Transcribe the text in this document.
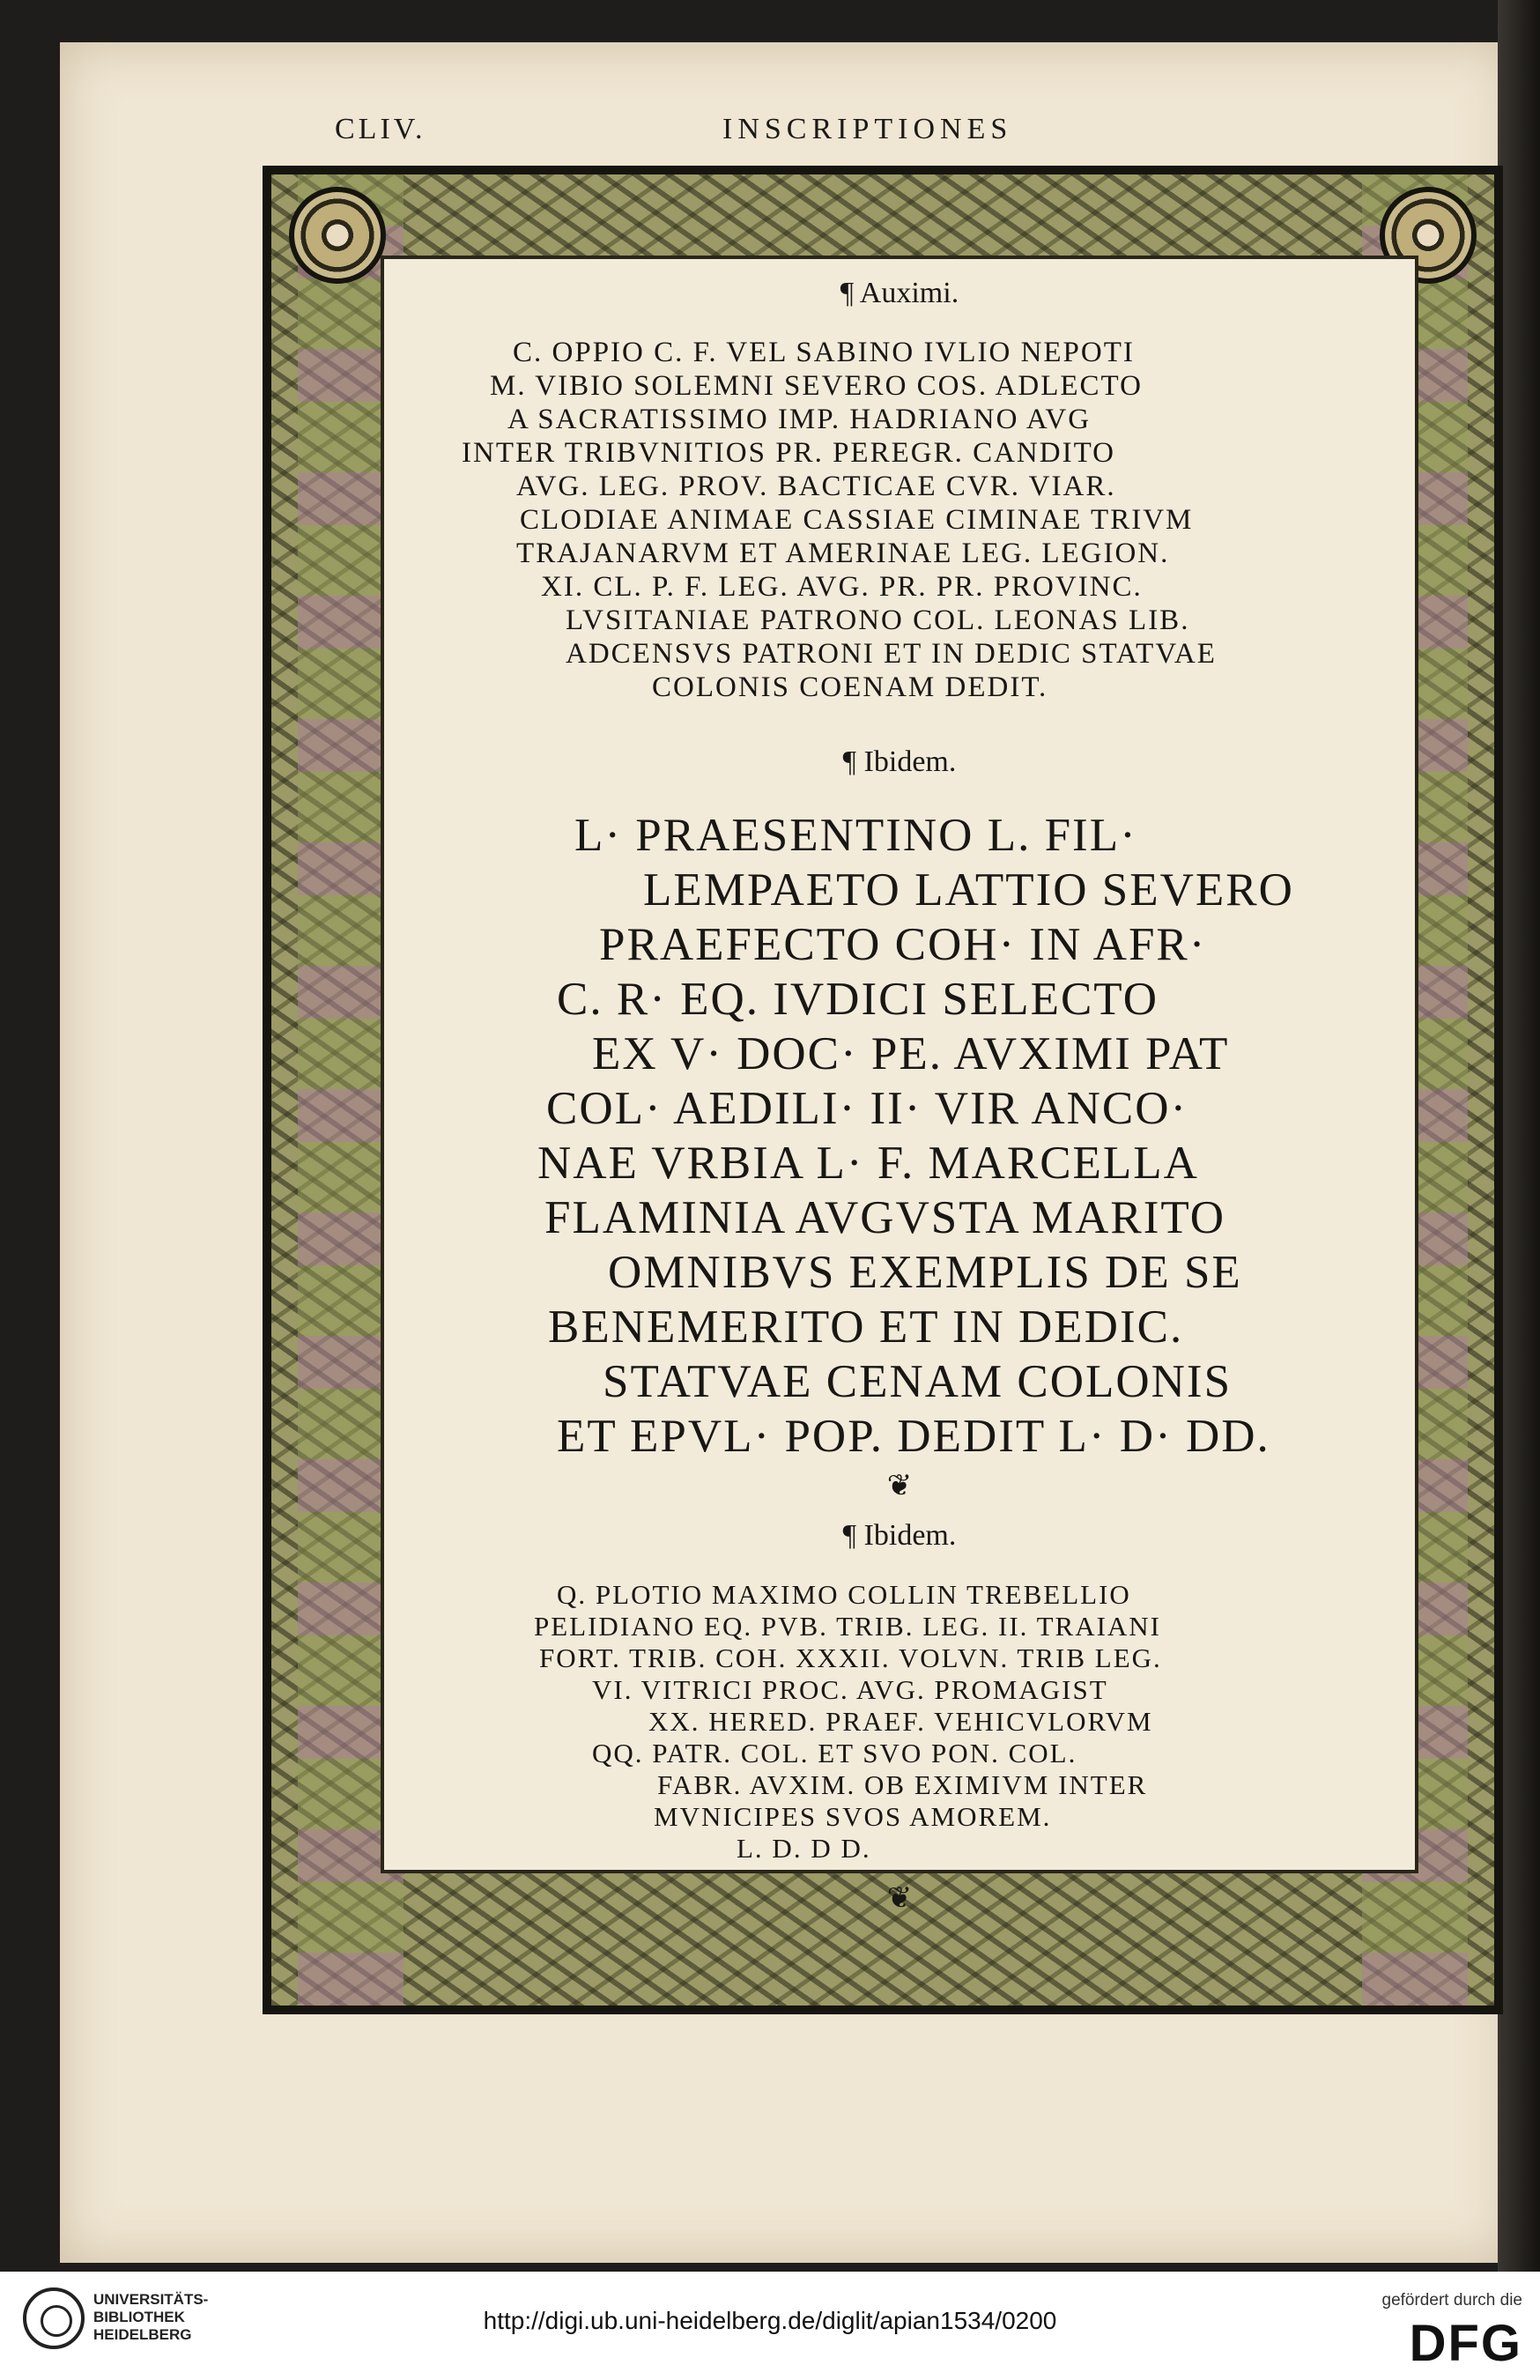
CLIV.	INSCRIPTIONES
¶ Auximi.
C. OPPIO C. F. VEL SABINO IVLIO NEPOTI
M. VIBIO SOLEMNI SEVERO COS. ADLECTO
A SACRATISSIMO IMP. HADRIANO AVG
INTER TRIBVNITIOS PR. PEREGR. CANDITO
AVG. LEG. PROV. BACTICAE CVR. VIAR.
CLODIAE ANIMAE CASSIAE CIMINAE TRIVM
TRAJANARVM ET AMERINAE LEG. LEGION.
XI. CL. P. F. LEG. AVG. PR. PR. PROVINC.
LVSITANIAE PATRONO COL. LEONAS LIB.
ADCENSVS PATRONI ET IN DEDIC STATVAE
COLONIS COENAM DEDIT.
¶ Ibidem.
L· PRAESENTINO L. FIL·
LEMPAETO LATTIO SEVERO
PRAEFECTO COH· IN AFR·
C. R· EQ. IVDICI SELECTO
EX V· DOC· PE. AVXIMI PAT
COL· AEDILI· II· VIR ANCO·
NAE VRBIA L· F. MARCELLA
FLAMINIA AVGVSTA MARITO
OMNIBVS EXEMPLIS DE SE
BENEMERITO ET IN DEDIC.
STATVAE CENAM COLONIS
ET EPVL· POP. DEDIT L· D· DD.
❦
¶ Ibidem.
Q. PLOTIO MAXIMO COLLIN TREBELLIO
PELIDIANO EQ. PVB. TRIB. LEG. II. TRAIANI
FORT. TRIB. COH. XXXII. VOLVN. TRIB LEG.
VI. VITRICI PROC. AVG. PROMAGIST
XX. HERED. PRAEF. VEHICVLORVM
QQ. PATR. COL. ET SVO PON. COL.
FABR. AVXIM. OB EXIMIVM INTER
MVNICIPES SVOS AMOREM.
L. D. D D.
❦
UNIVERSITÄTS-
BIBLIOTHEK
HEIDELBERG
http://digi.ub.uni-heidelberg.de/diglit/apian1534/0200
gefördert durch die
DFG
